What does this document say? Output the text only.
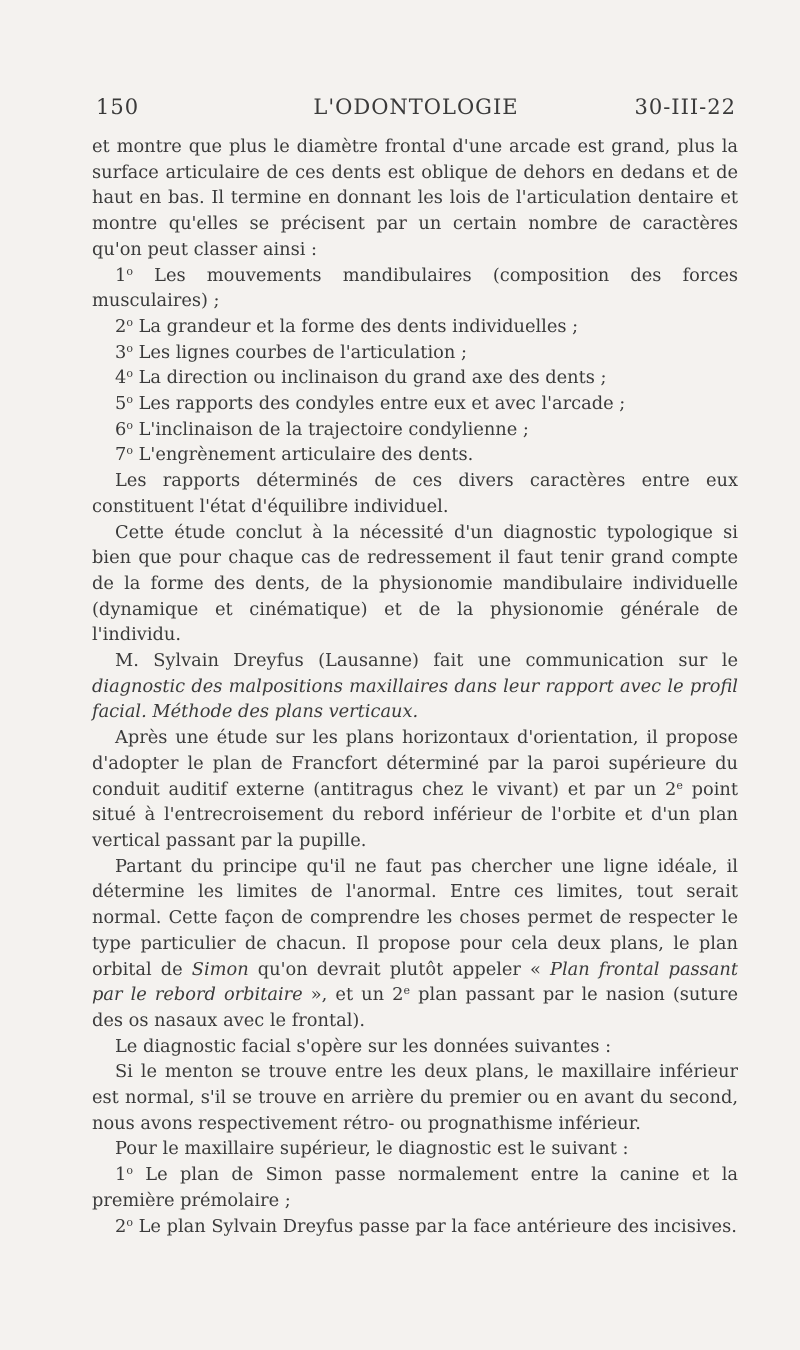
150	L'ODONTOLOGIE	30-III-22

et montre que plus le diamètre frontal d'une arcade est grand, plus la surface articulaire de ces dents est oblique de dehors en dedans et de haut en bas. Il termine en donnant les lois de l'articulation dentaire et montre qu'elles se précisent par un certain nombre de caractères qu'on peut classer ainsi :

1$^o$ Les mouvements mandibulaires (composition des forces musculaires) ;

2$^o$ La grandeur et la forme des dents individuelles ;

3$^o$ Les lignes courbes de l'articulation ;

4$^o$ La direction ou inclinaison du grand axe des dents ;

5$^o$ Les rapports des condyles entre eux et avec l'arcade ;

6$^o$ L'inclinaison de la trajectoire condylienne ;

7$^o$ L'engrènement articulaire des dents.

Les rapports déterminés de ces divers caractères entre eux constituent l'état d'équilibre individuel.

Cette étude conclut à la nécessité d'un diagnostic typologique si bien que pour chaque cas de redressement il faut tenir grand compte de la forme des dents, de la physionomie mandibulaire individuelle (dynamique et cinématique) et de la physionomie générale de l'individu.

M. Sylvain Dreyfus (Lausanne) fait une communication sur le diagnostic des malpositions maxillaires dans leur rapport avec le profil facial. Méthode des plans verticaux.

Après une étude sur les plans horizontaux d'orientation, il propose d'adopter le plan de Francfort déterminé par la paroi supérieure du conduit auditif externe (antitragus chez le vivant) et par un 2e point situé à l'entrecroisement du rebord inférieur de l'orbite et d'un plan vertical passant par la pupille.

Partant du principe qu'il ne faut pas chercher une ligne idéale, il détermine les limites de l'anormal. Entre ces limites, tout serait normal. Cette façon de comprendre les choses permet de respecter le type particulier de chacun. Il propose pour cela deux plans, le plan orbital de Simon qu'on devrait plutôt appeler « Plan frontal passant par le rebord orbitaire », et un 2e plan passant par le nasion (suture des os nasaux avec le frontal).

Le diagnostic facial s'opère sur les données suivantes :

Si le menton se trouve entre les deux plans, le maxillaire inférieur est normal, s'il se trouve en arrière du premier ou en avant du second, nous avons respectivement rétro- ou prognathisme inférieur.

Pour le maxillaire supérieur, le diagnostic est le suivant :

1$^o$ Le plan de Simon passe normalement entre la canine et la première prémolaire ;

2$^o$ Le plan Sylvain Dreyfus passe par la face antérieure des incisives.
